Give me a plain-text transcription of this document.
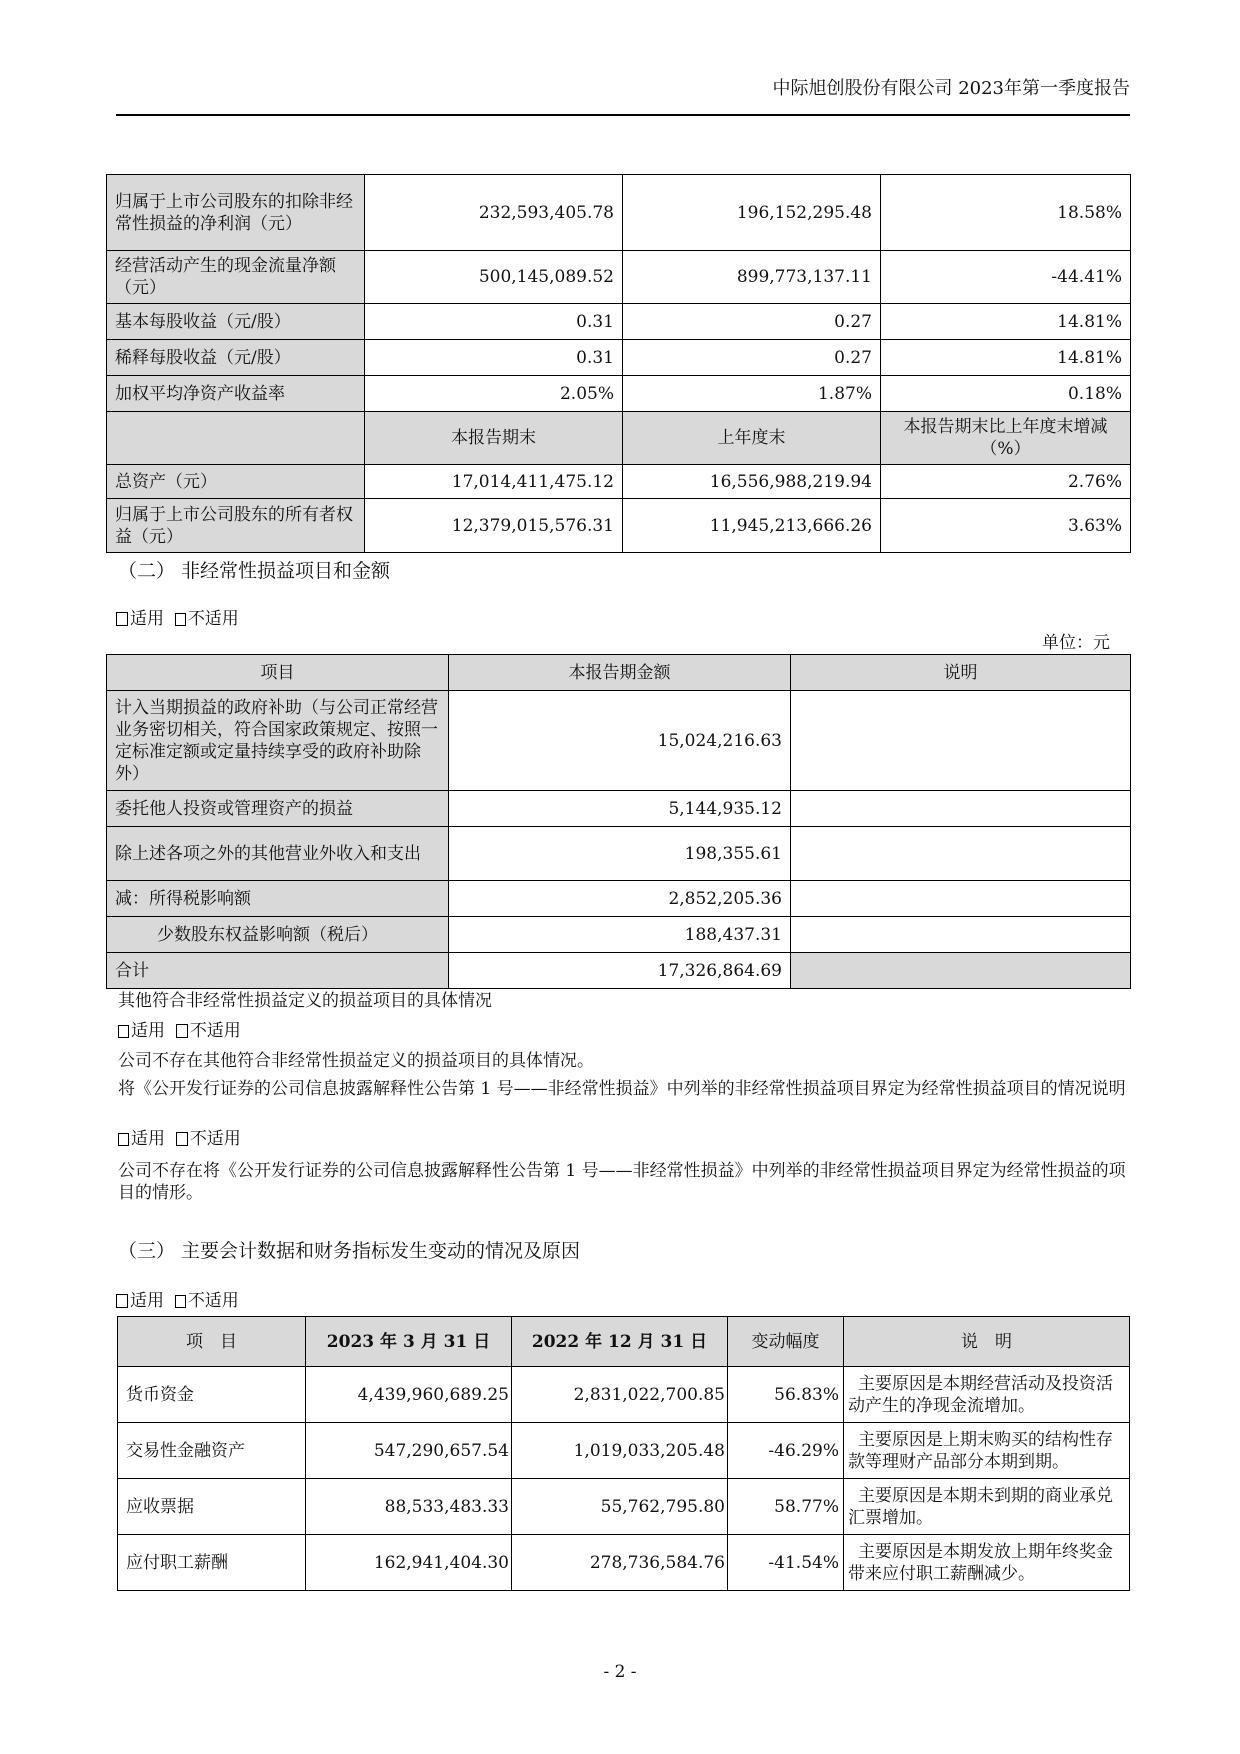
中际旭创股份有限公司 2023年第一季度报告
归属于上市公司股东的扣除非经常性损益的净利润（元）	232,593,405.78	196,152,295.48	18.58%
经营活动产生的现金流量净额（元）	500,145,089.52	899,773,137.11	-44.41%
基本每股收益（元/股）	0.31	0.27	14.81%
稀释每股收益（元/股）	0.31	0.27	14.81%
加权平均净资产收益率	2.05%	1.87%	0.18%
	本报告期末	上年度末	本报告期末比上年度末增减（%）
总资产（元）	17,014,411,475.12	16,556,988,219.94	2.76%
归属于上市公司股东的所有者权益（元）	12,379,015,576.31	11,945,213,666.26	3.63%
（二） 非经常性损益项目和金额
适用 不适用
单位：元
项目	本报告期金额	说明
计入当期损益的政府补助（与公司正常经营业务密切相关，符合国家政策规定、按照一定标准定额或定量持续享受的政府补助除外）	15,024,216.63	
委托他人投资或管理资产的损益	5,144,935.12	
除上述各项之外的其他营业外收入和支出	198,355.61	
减：所得税影响额	2,852,205.36	
少数股东权益影响额（税后）	188,437.31	
合计	17,326,864.69	
其他符合非经常性损益定义的损益项目的具体情况
适用 不适用
公司不存在其他符合非经常性损益定义的损益项目的具体情况。
将《公开发行证券的公司信息披露解释性公告第 1 号——非经常性损益》中列举的非经常性损益项目界定为经常性损益项目的情况说明
适用 不适用
公司不存在将《公开发行证券的公司信息披露解释性公告第 1 号——非经常性损益》中列举的非经常性损益项目界定为经常性损益的项目的情形。
（三） 主要会计数据和财务指标发生变动的情况及原因
适用 不适用
项　目	2023 年 3 月 31 日	2022 年 12 月 31 日	变动幅度	说　明
货币资金	4,439,960,689.25	2,831,022,700.85	56.83%	主要原因是本期经营活动及投资活动产生的净现金流增加。
交易性金融资产	547,290,657.54	1,019,033,205.48	-46.29%	主要原因是上期末购买的结构性存款等理财产品部分本期到期。
应收票据	88,533,483.33	55,762,795.80	58.77%	主要原因是本期未到期的商业承兑汇票增加。
应付职工薪酬	162,941,404.30	278,736,584.76	-41.54%	主要原因是本期发放上期年终奖金带来应付职工薪酬减少。
- 2 -
